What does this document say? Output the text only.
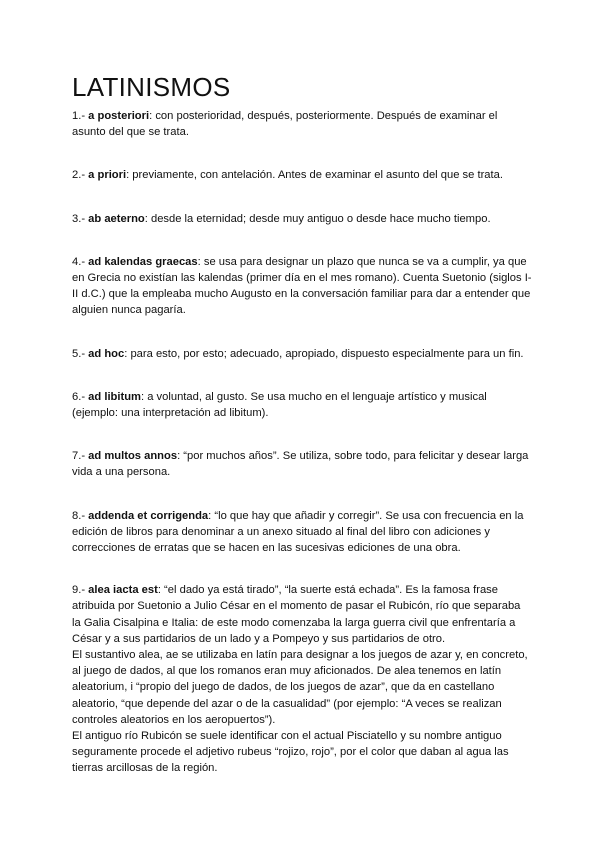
LATINISMOS

1.- a posteriori: con posterioridad, después, posteriormente. Después de examinar el asunto del que se trata.

2.- a priori: previamente, con antelación. Antes de examinar el asunto del que se trata.

3.- ab aeterno: desde la eternidad; desde muy antiguo o desde hace mucho tiempo.

4.- ad kalendas graecas: se usa para designar un plazo que nunca se va a cumplir, ya que en Grecia no existían las kalendas (primer día en el mes romano). Cuenta Suetonio (siglos I-II d.C.) que la empleaba mucho Augusto en la conversación familiar para dar a entender que alguien nunca pagaría.

5.- ad hoc: para esto, por esto; adecuado, apropiado, dispuesto especialmente para un fin.

6.- ad libitum: a voluntad, al gusto. Se usa mucho en el lenguaje artístico y musical (ejemplo: una interpretación ad libitum).

7.- ad multos annos: “por muchos años”. Se utiliza, sobre todo, para felicitar y desear larga vida a una persona.

8.- addenda et corrigenda: “lo que hay que añadir y corregir”. Se usa con frecuencia en la edición de libros para denominar a un anexo situado al final del libro con adiciones y correcciones de erratas que se hacen en las sucesivas ediciones de una obra.

9.- alea iacta est: “el dado ya está tirado”, “la suerte está echada”. Es la famosa frase atribuida por Suetonio a Julio César en el momento de pasar el Rubicón, río que separaba la Galia Cisalpina e Italia: de este modo comenzaba la larga guerra civil que enfrentaría a César y a sus partidarios de un lado y a Pompeyo y sus partidarios de otro.

El sustantivo alea, ae se utilizaba en latín para designar a los juegos de azar y, en concreto, al juego de dados, al que los romanos eran muy aficionados. De alea tenemos en latín aleatorium, i “propio del juego de dados, de los juegos de azar”, que da en castellano aleatorio, “que depende del azar o de la casualidad” (por ejemplo: “A veces se realizan controles aleatorios en los aeropuertos”).

El antiguo río Rubicón se suele identificar con el actual Pisciatello y su nombre antiguo seguramente procede el adjetivo rubeus “rojizo, rojo”, por el color que daban al agua las tierras arcillosas de la región.
